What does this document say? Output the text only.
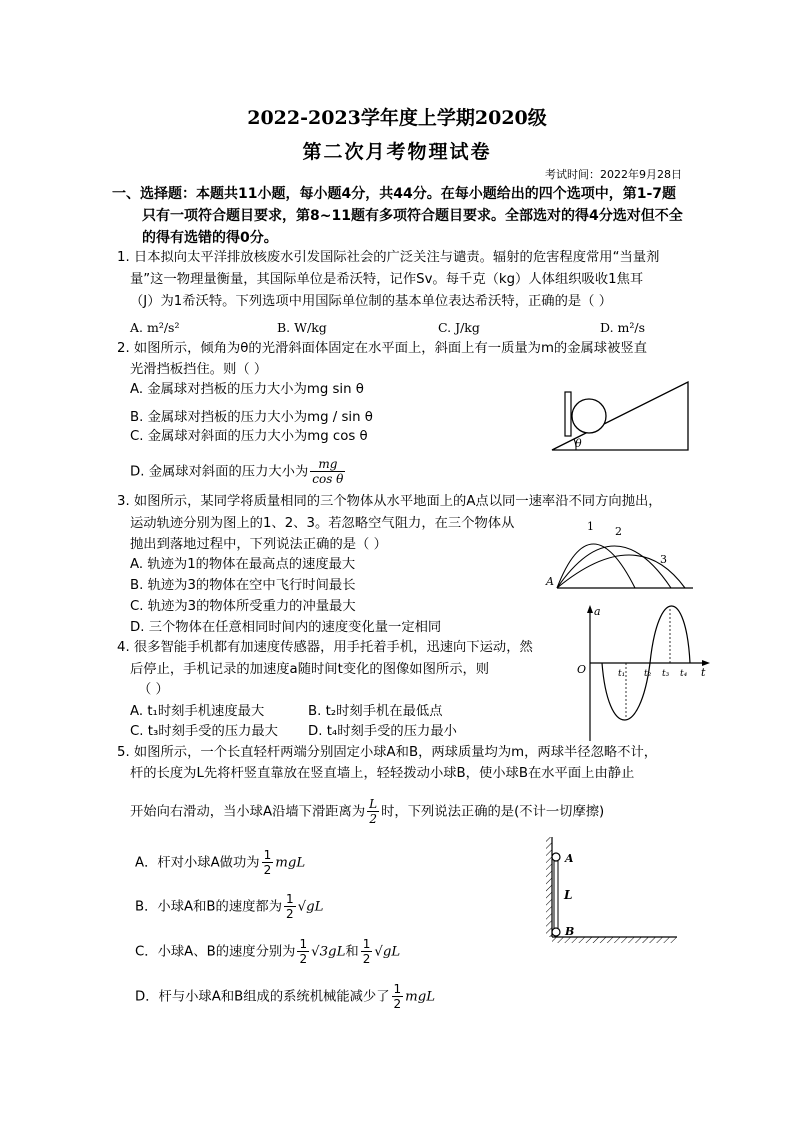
2022-2023学年度上学期2020级
第二次月考物理试卷
考试时间：2022年9月28日
一、选择题：本题共11小题，每小题4分，共44分。在每小题给出的四个选项中，第1-7题
只有一项符合题目要求，第8~11题有多项符合题目要求。全部选对的得4分选对但不全
的得有选错的得0分。
1. 日本拟向太平洋排放核废水引发国际社会的广泛关注与谴责。辐射的危害程度常用“当量剂
量”这一物理量衡量，其国际单位是希沃特，记作Sv。每千克（kg）人体组织吸收1焦耳
（J）为1希沃特。下列选项中用国际单位制的基本单位表达希沃特，正确的是（ ）
A. m²/s²	B. W/kg	C. J/kg	D. m²/s
2. 如图所示，倾角为θ的光滑斜面体固定在水平面上，斜面上有一质量为m的金属球被竖直
光滑挡板挡住。则（ ）
A. 金属球对挡板的压力大小为mg sin θ
B. 金属球对挡板的压力大小为mg / sin θ
C. 金属球对斜面的压力大小为mg cos θ
D. 金属球对斜面的压力大小为 $\frac{mg}{\text{cos θ}}$
θ
3. 如图所示，某同学将质量相同的三个物体从水平地面上的A点以同一速率沿不同方向抛出，
运动轨迹分别为图上的1、2、3。若忽略空气阻力，在三个物体从
抛出到落地过程中，下列说法正确的是（ ）
A. 轨迹为1的物体在最高点的速度最大
B. 轨迹为3的物体在空中飞行时间最长
C. 轨迹为3的物体所受重力的冲量最大
D. 三个物体在任意相同时间内的速度变化量一定相同
1 2
3
A
4. 很多智能手机都有加速度传感器，用手托着手机，迅速向下运动，然
后停止，手机记录的加速度a随时间t变化的图像如图所示，则
（ ）
A. t₁时刻手机速度最大	B. t₂时刻手机在最低点
C. t₃时刻手受的压力最大 D. t₄时刻手受的压力最小
a
O	t₁ t₂ t₃ t₄ t
5. 如图所示，一个长直轻杆两端分别固定小球A和B，两球质量均为m，两球半径忽略不计，
杆的长度为L先将杆竖直靠放在竖直墙上，轻轻拨动小球B，使小球B在水平面上由静止
开始向右滑动，当小球A沿墙下滑距离为 $\frac{L}{2}$ 时，下列说法正确的是(不计一切摩擦)
A．杆对小球A做功为 $\frac{1}{2}$ mgL
B．小球A和B的速度都为 $\frac{1}{2} √gL$
C．小球A、B的速度分别为 $\frac{1}{2} √3gL$和 $\frac{1}{2} √gL$
D．杆与小球A和B组成的系统机械能减少了 $\frac{1}{2}$ mgL
A
L
B
